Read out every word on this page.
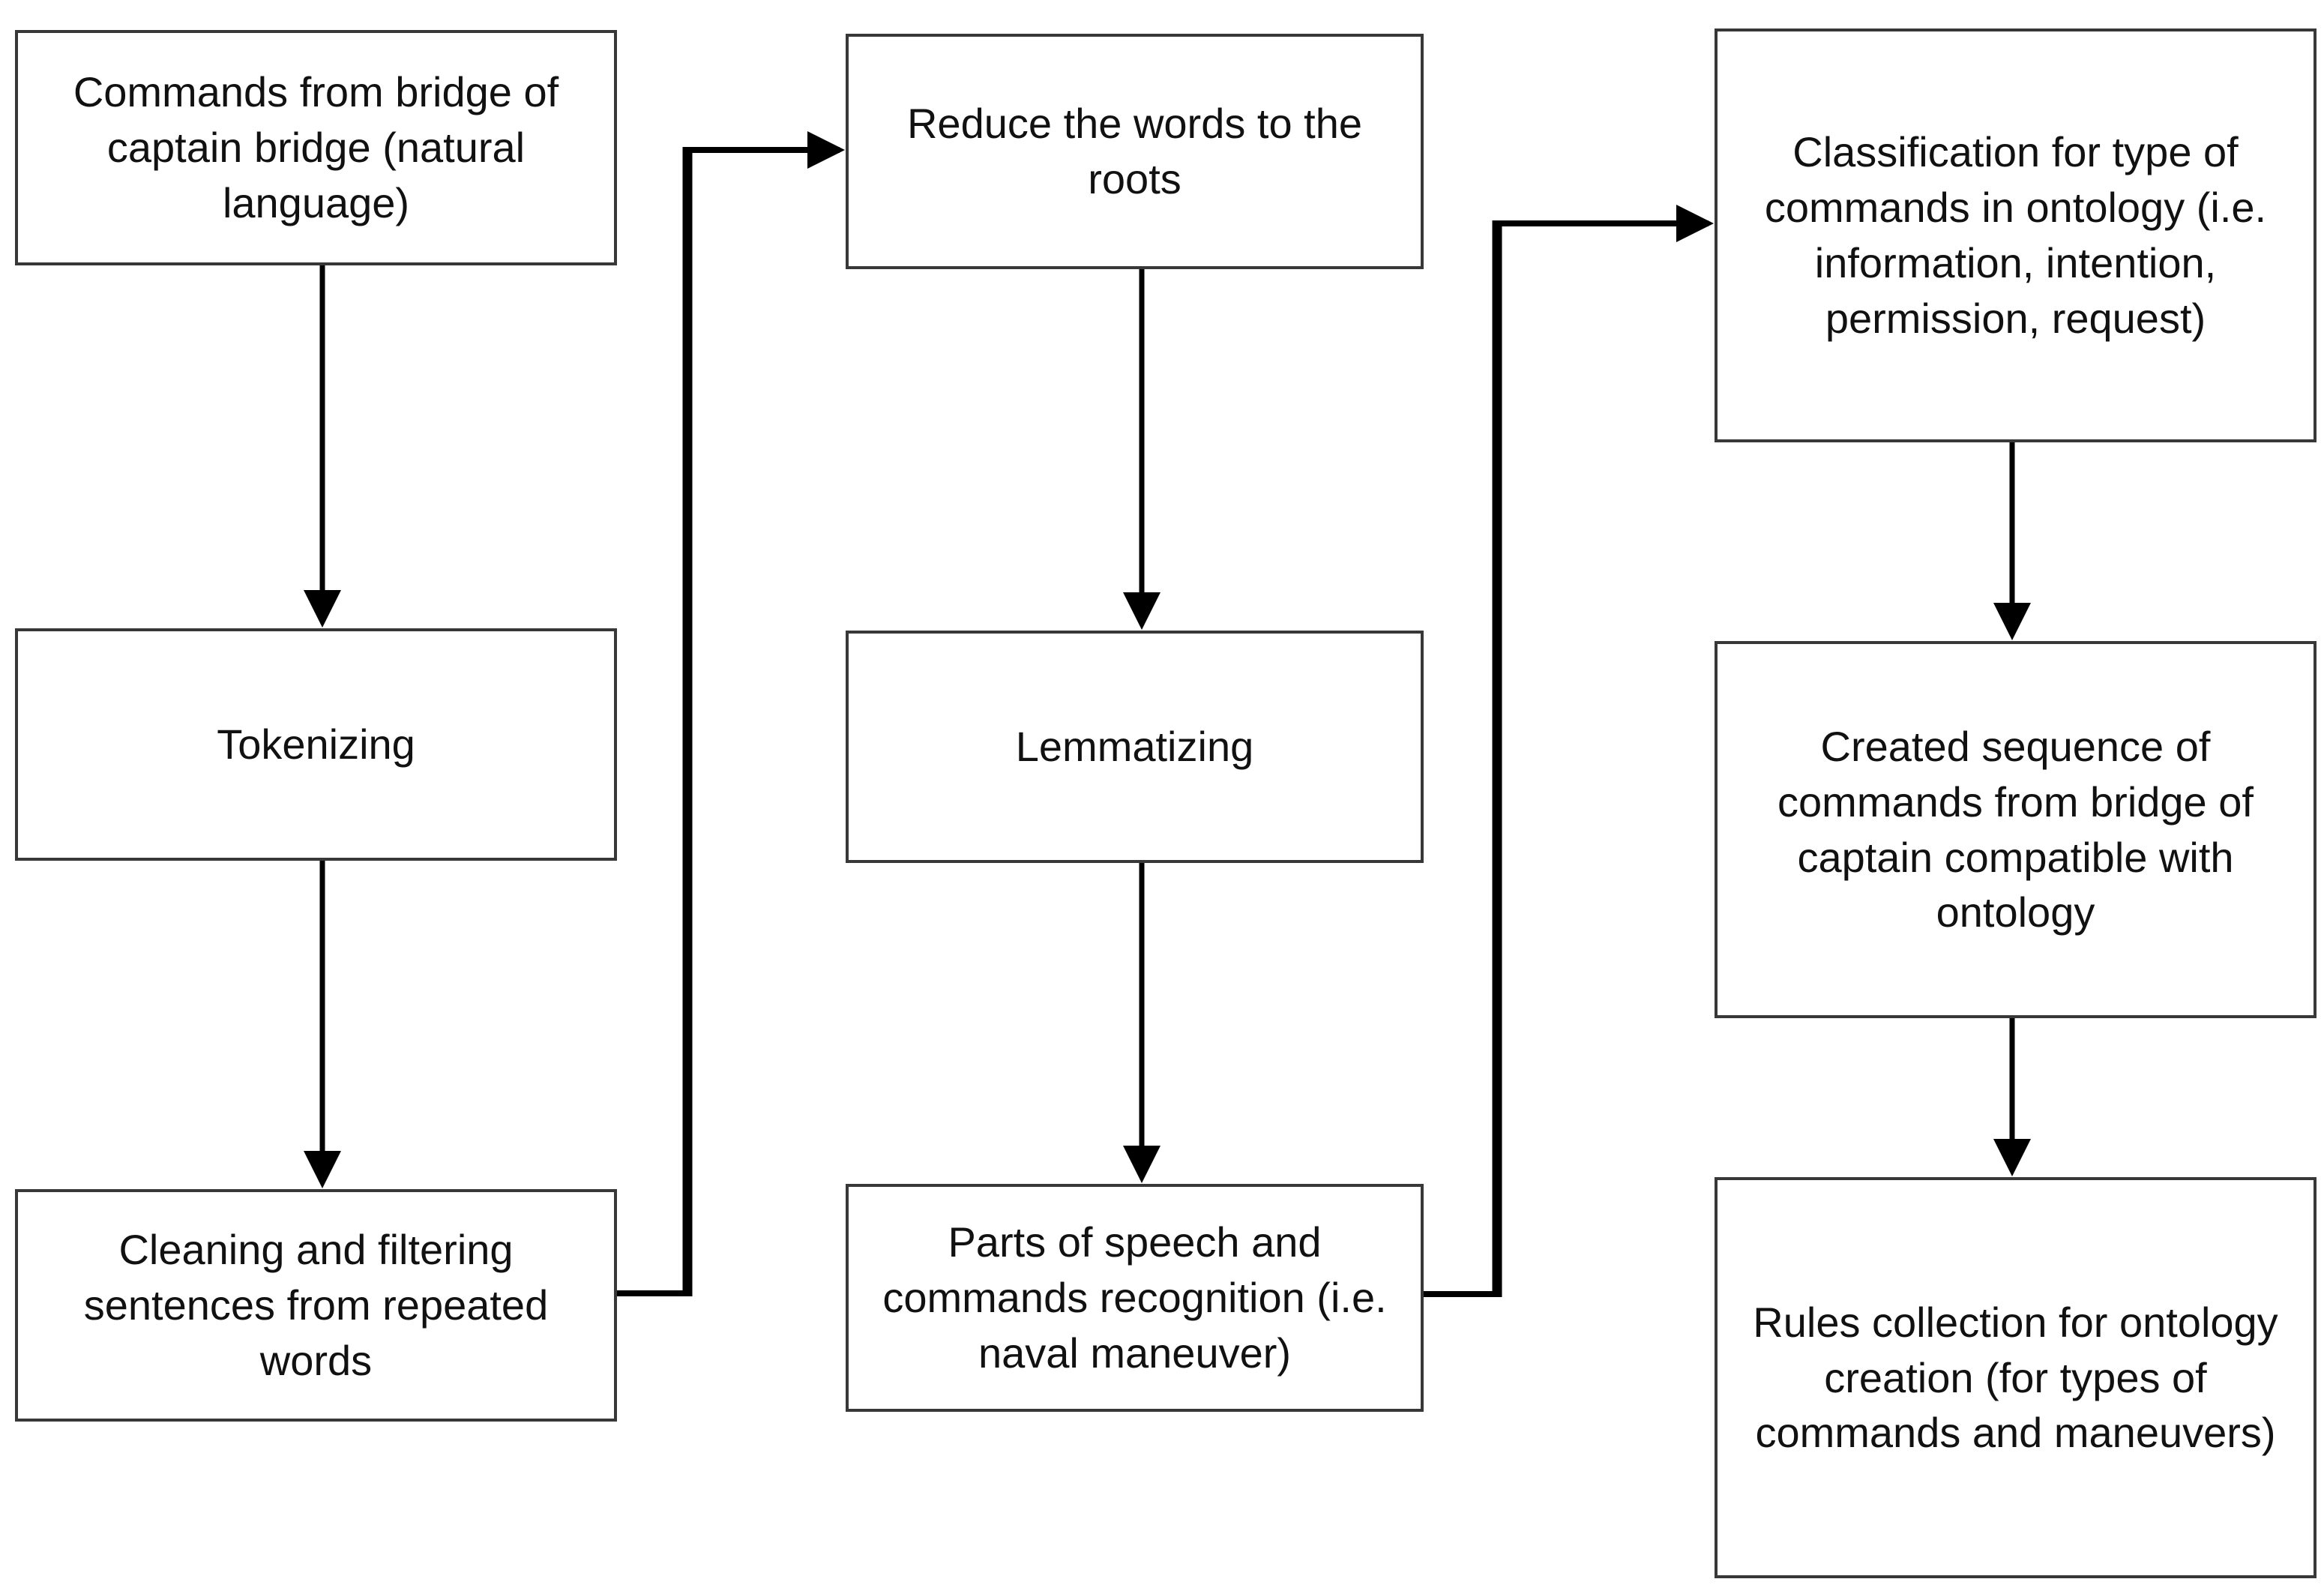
Commands from bridge of captain bridge (natural language)
Tokenizing
Cleaning and filtering sentences from repeated words
Reduce the words to the roots
Lemmatizing
Parts of speech and commands recognition (i.e. naval maneuver)
Classification for type of commands in ontology (i.e. information, intention, permission, request)
Created sequence of commands from bridge of captain compatible with ontology
Rules collection for ontology creation (for types of commands and maneuvers)
